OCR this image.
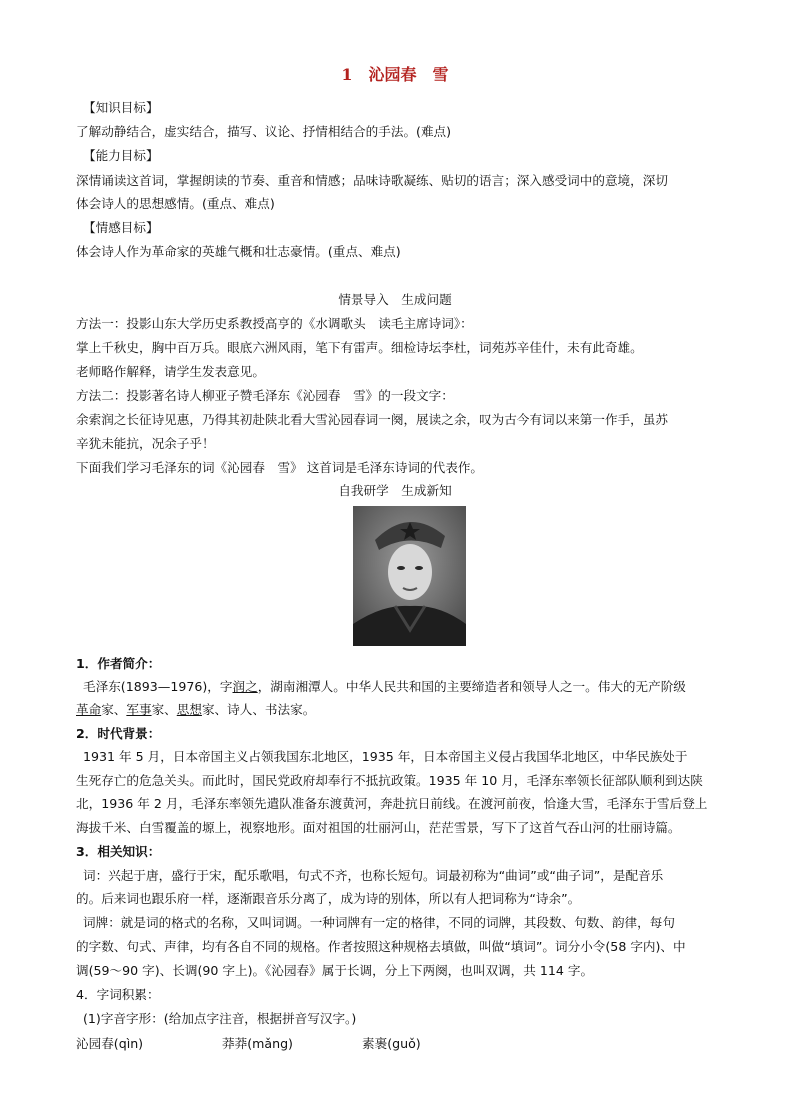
1　沁园春　雪
【知识目标】
了解动静结合，虚实结合，描写、议论、抒情相结合的手法。(难点)
【能力目标】
深情诵读这首词，掌握朗读的节奏、重音和情感；品味诗歌凝练、贴切的语言；深入感受词中的意境，深切
体会诗人的思想感情。(重点、难点)
【情感目标】
体会诗人作为革命家的英雄气概和壮志豪情。(重点、难点)
情景导入　生成问题
方法一：投影山东大学历史系教授高亨的《水调歌头　读毛主席诗词》：
掌上千秋史，胸中百万兵。眼底六洲风雨，笔下有雷声。细检诗坛李杜，词苑苏辛佳什，未有此奇雄。
老师略作解释，请学生发表意见。
方法二：投影著名诗人柳亚子赞毛泽东《沁园春　雪》的一段文字：
余索润之长征诗见惠，乃得其初赴陕北看大雪沁园春词一阕，展读之余，叹为古今有词以来第一作手，虽苏
辛犹未能抗，况余子乎！
下面我们学习毛泽东的词《沁园春　雪》 这首词是毛泽东诗词的代表作。
自我研学　生成新知
1．作者简介：
毛泽东(1893—1976)，字润之，湖南湘潭人。中华人民共和国的主要缔造者和领导人之一。伟大的无产阶级
革命家、军事家、思想家、诗人、书法家。
2．时代背景：
1931 年 5 月，日本帝国主义占领我国东北地区，1935 年，日本帝国主义侵占我国华北地区，中华民族处于
生死存亡的危急关头。而此时，国民党政府却奉行不抵抗政策。1935 年 10 月，毛泽东率领长征部队顺利到达陕
北，1936 年 2 月，毛泽东率领先遣队准备东渡黄河，奔赴抗日前线。在渡河前夜，恰逢大雪，毛泽东于雪后登上
海拔千米、白雪覆盖的塬上，视察地形。面对祖国的壮丽河山，茫茫雪景，写下了这首气吞山河的壮丽诗篇。
3．相关知识：
词：兴起于唐，盛行于宋，配乐歌唱，句式不齐，也称长短句。词最初称为“曲词”或“曲子词”，是配音乐
的。后来词也跟乐府一样，逐渐跟音乐分离了，成为诗的别体，所以有人把词称为“诗余”。
词牌：就是词的格式的名称，又叫词调。一种词牌有一定的格律，不同的词牌，其段数、句数、韵律，每句
的字数、句式、声律，均有各自不同的规格。作者按照这种规格去填做，叫做“填词”。词分小令(58 字内)、中
调(59～90 字)、长调(90 字上)。《沁园春》属于长调，分上下两阕，也叫双调，共 114 字。
4．字词积累：
(1)字音字形：(给加点字注音，根据拼音写汉字。)
沁园春(qìn)	莽莽(mǎng)	素裹(guǒ)
